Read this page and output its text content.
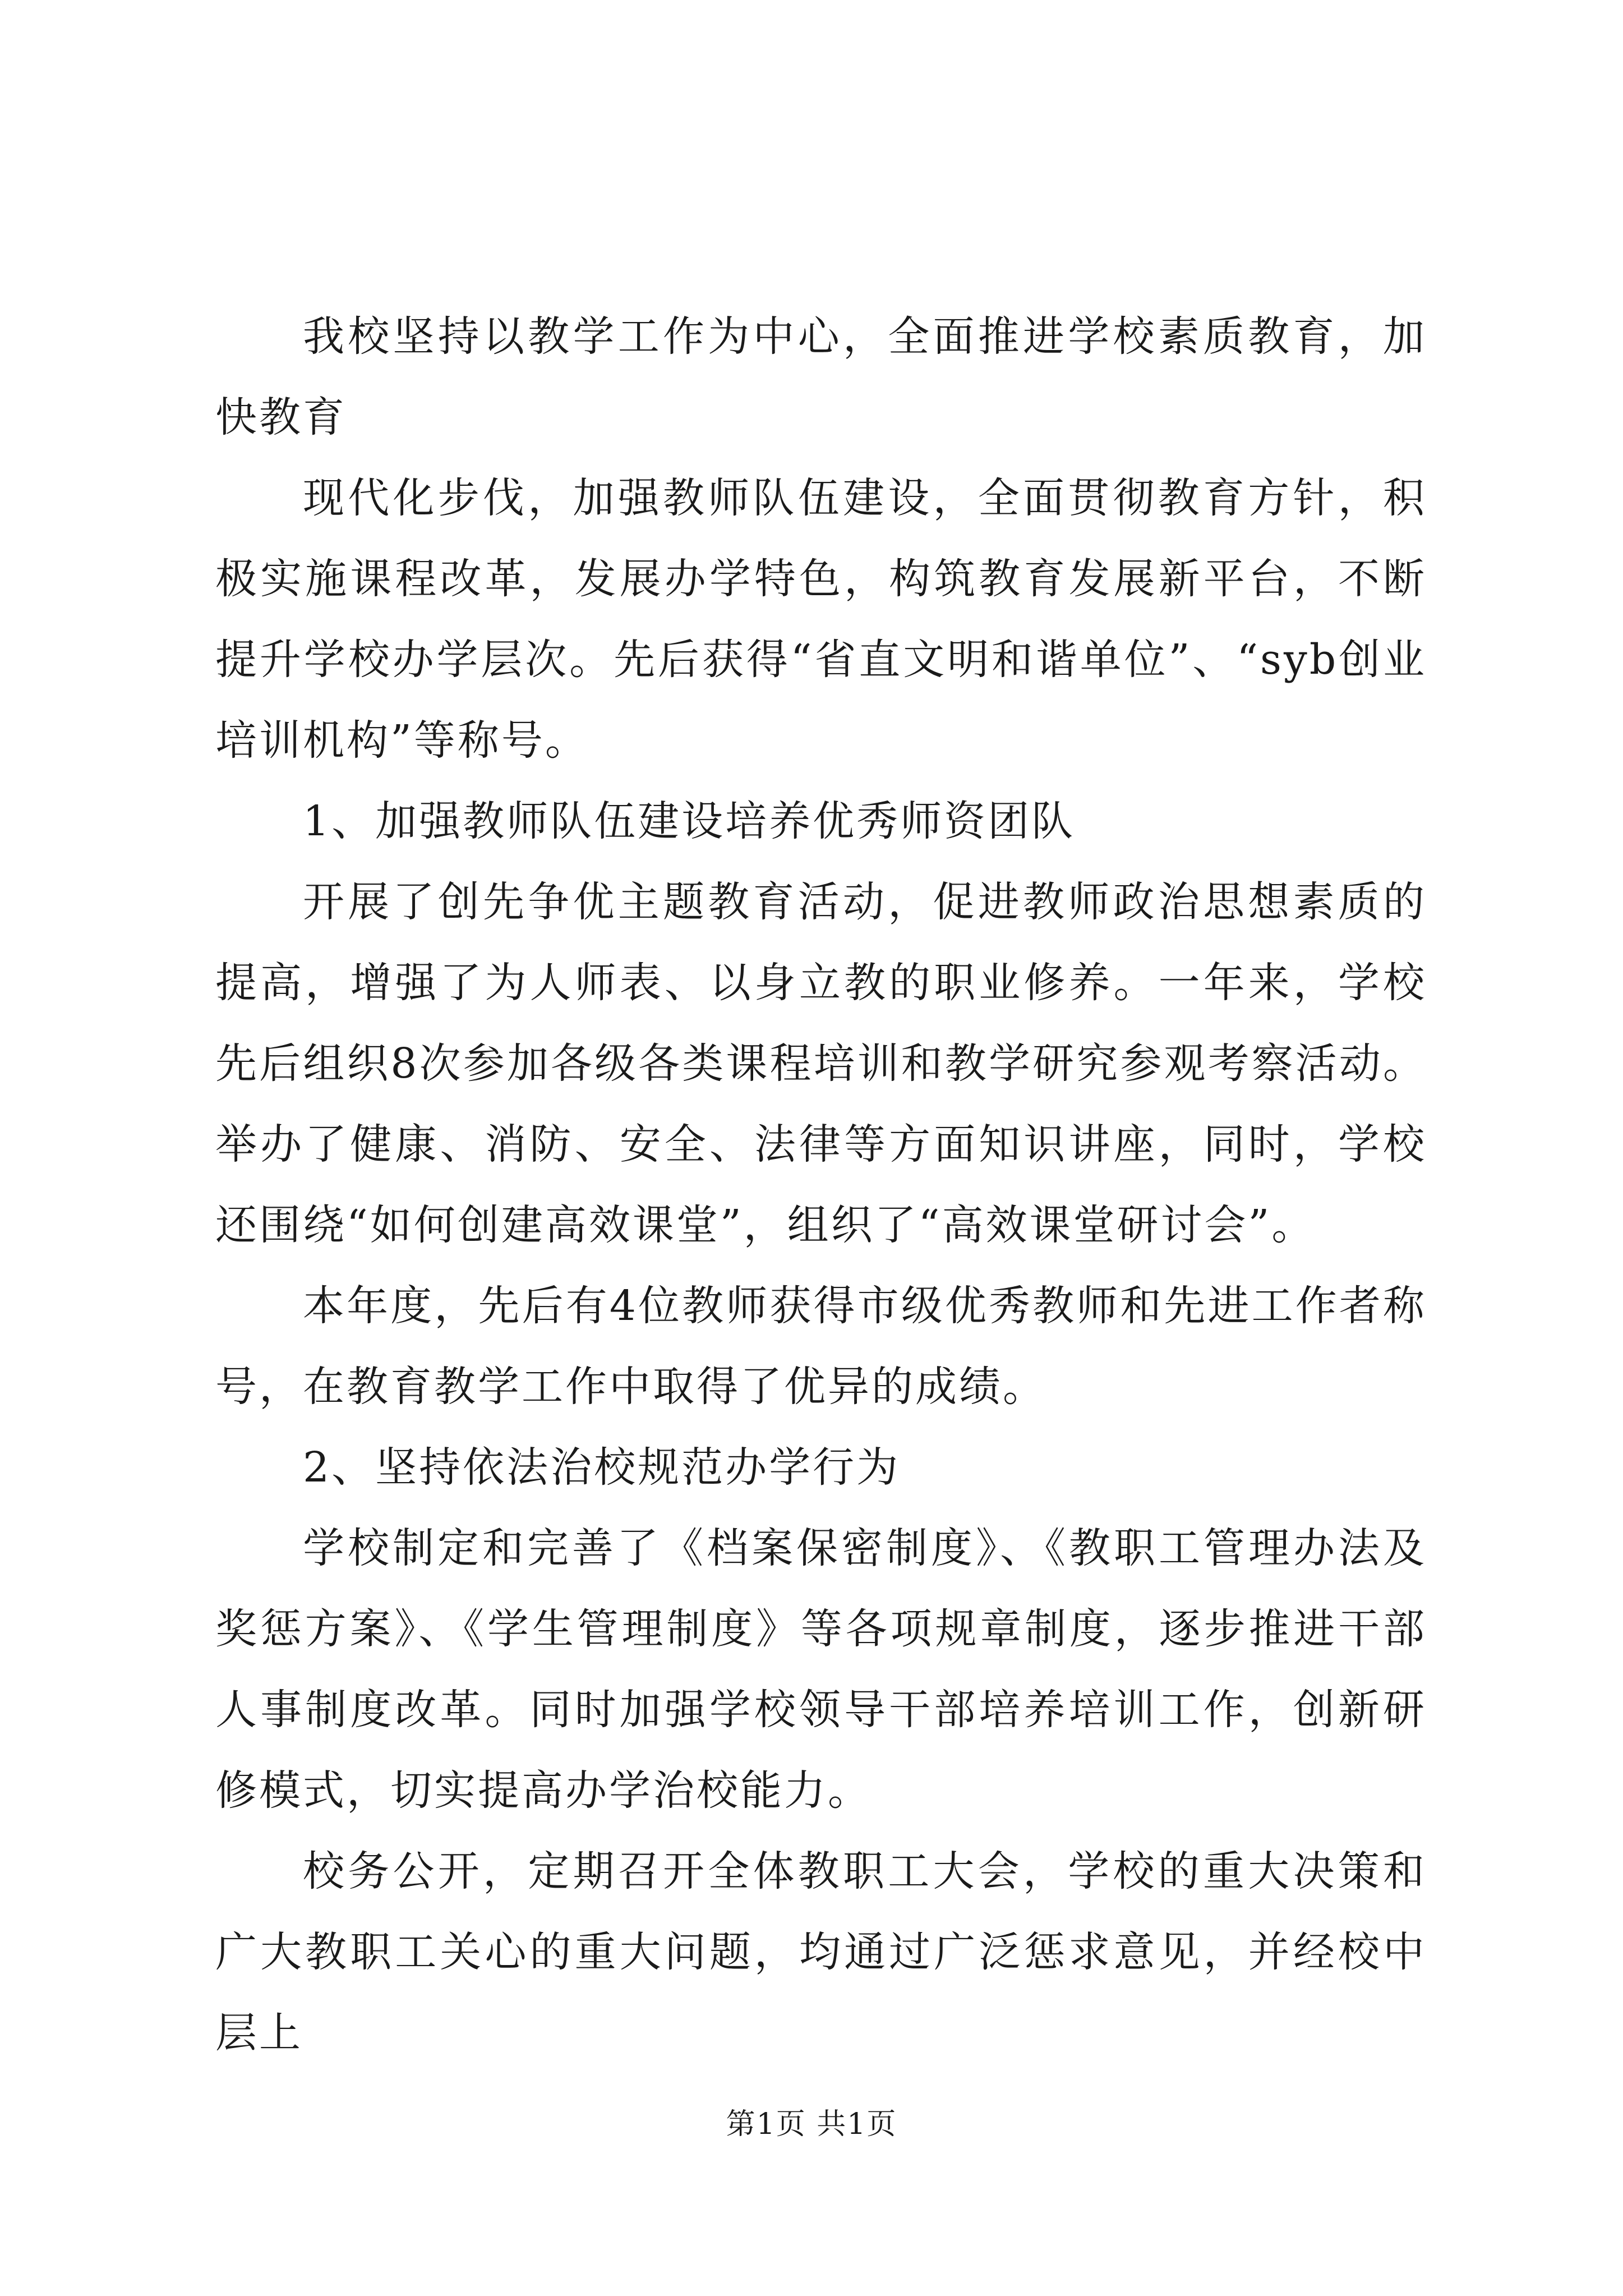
我校坚持以教学工作为中心，全面推进学校素质教育，加快教育

现代化步伐，加强教师队伍建设，全面贯彻教育方针，积极实施课程改革，发展办学特色，构筑教育发展新平台，不断提升学校办学层次。先后获得“省直文明和谐单位”、“syb创业培训机构”等称号。

1、加强教师队伍建设培养优秀师资团队

开展了创先争优主题教育活动，促进教师政治思想素质的提高，增强了为人师表、以身立教的职业修养。一年来，学校先后组织8次参加各级各类课程培训和教学研究参观考察活动。举办了健康、消防、安全、法律等方面知识讲座，同时，学校还围绕“如何创建高效课堂”，组织了“高效课堂研讨会”。

本年度，先后有4位教师获得市级优秀教师和先进工作者称号，在教育教学工作中取得了优异的成绩。

2、坚持依法治校规范办学行为

学校制定和完善了《档案保密制度》、《教职工管理办法及奖惩方案》、《学生管理制度》等各项规章制度，逐步推进干部人事制度改革。同时加强学校领导干部培养培训工作，创新研修模式，切实提高办学治校能力。

校务公开，定期召开全体教职工大会，学校的重大决策和广大教职工关心的重大问题，均通过广泛惩求意见，并经校中层上

第1页 共1页
